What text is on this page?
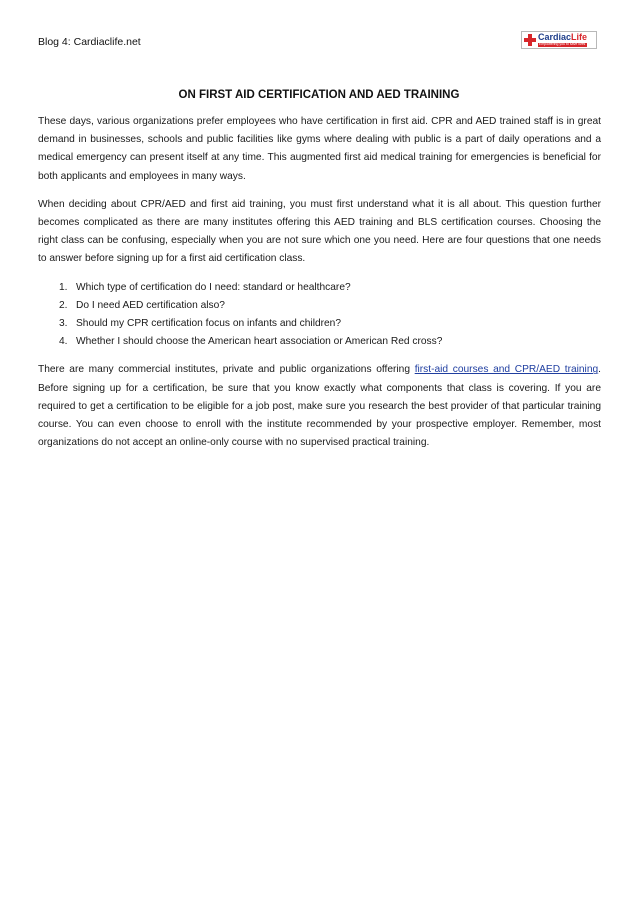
Blog 4: Cardiaclife.net	CardiacLife
Empowering you to save lives
ON FIRST AID CERTIFICATION AND AED TRAINING

These days, various organizations prefer employees who have certification in first aid. CPR and AED trained staff is in great demand in businesses, schools and public facilities like gyms where dealing with public is a part of daily operations and a medical emergency can present itself at any time. This augmented first aid medical training for emergencies is beneficial for both applicants and employees in many ways.

When deciding about CPR/AED and first aid training, you must first understand what it is all about. This question further becomes complicated as there are many institutes offering this AED training and BLS certification courses. Choosing the right class can be confusing, especially when you are not sure which one you need. Here are four questions that one needs to answer before signing up for a first aid certification class.

1. Which type of certification do I need: standard or healthcare?
2. Do I need AED certification also?
3. Should my CPR certification focus on infants and children?
4. Whether I should choose the American heart association or American Red cross?

There are many commercial institutes, private and public organizations offering first-aid courses and CPR/AED training. Before signing up for a certification, be sure that you know exactly what components that class is covering. If you are required to get a certification to be eligible for a job post, make sure you research the best provider of that particular training course. You can even choose to enroll with the institute recommended by your prospective employer. Remember, most organizations do not accept an online-only course with no supervised practical training.
